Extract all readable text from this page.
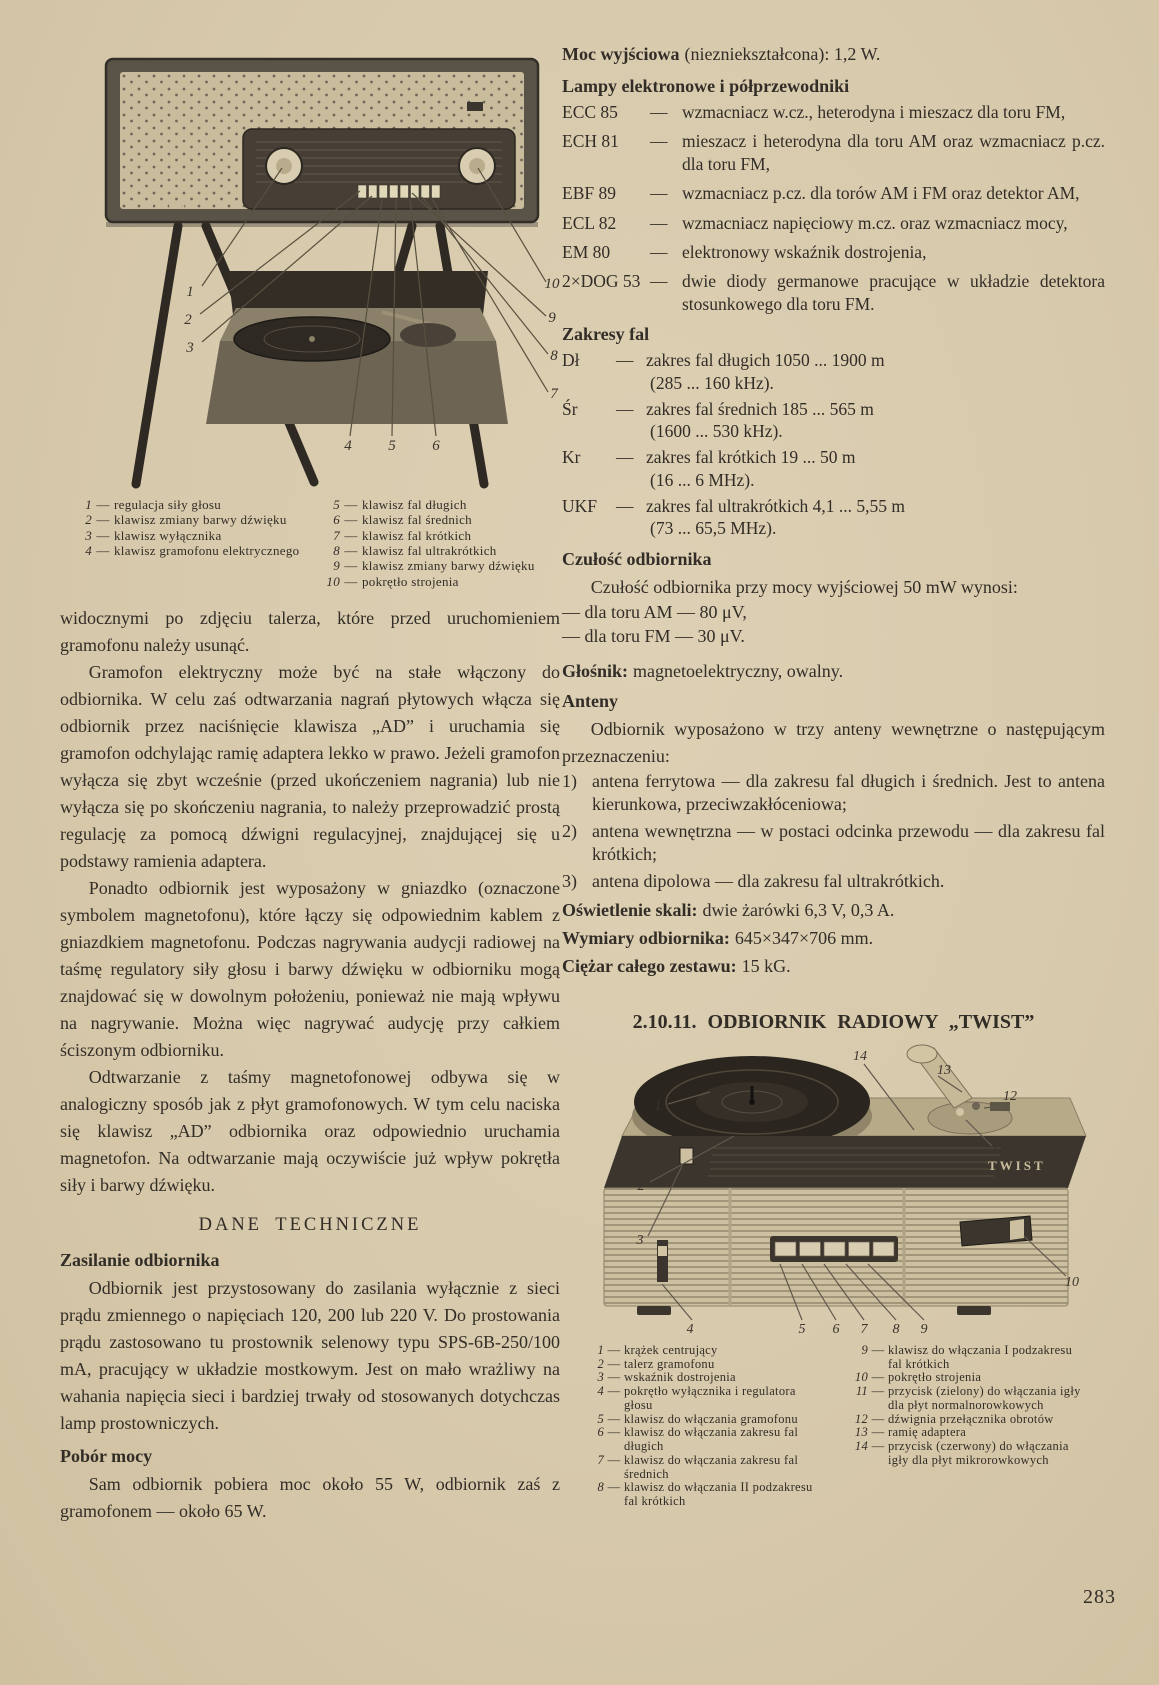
arkona
1
2
3
4 5 6
7
8
9
10
1 — regulacja siły głosu
2 — klawisz zmiany barwy dźwięku
3 — klawisz wyłącznika
4 — klawisz gramofonu elektrycznego
5 — klawisz fal długich
6 — klawisz fal średnich
7 — klawisz fal krótkich
8 — klawisz fal ultrakrótkich
9 — klawisz zmiany barwy dźwięku
10 — pokrętło strojenia

widocznymi po zdjęciu talerza, które przed uruchomieniem gramofonu należy usunąć.

Gramofon elektryczny może być na stałe włączony do odbiornika. W celu zaś odtwarzania nagrań płytowych włącza się odbiornik przez naciśnięcie klawisza „AD” i uruchamia się gramofon odchylając ramię adaptera lekko w prawo. Jeżeli gramofon wyłącza się zbyt wcześnie (przed ukończeniem nagrania) lub nie wyłącza się po skończeniu nagrania, to należy przeprowadzić prostą regulację za pomocą dźwigni regulacyjnej, znajdującej się u podstawy ramienia adaptera.

Ponadto odbiornik jest wyposażony w gniazdko (oznaczone symbolem magnetofonu), które łączy się odpowiednim kablem z gniazdkiem magnetofonu. Podczas nagrywania audycji radiowej na taśmę regulatory siły głosu i barwy dźwięku w odbiorniku mogą znajdować się w dowolnym położeniu, ponieważ nie mają wpływu na nagrywanie. Można więc nagrywać audycję przy całkiem ściszonym odbiorniku.

Odtwarzanie z taśmy magnetofonowej odbywa się w analogiczny sposób jak z płyt gramofonowych. W tym celu naciska się klawisz „AD” odbiornika oraz odpowiednio uruchamia magnetofon. Na odtwarzanie mają oczywiście już wpływ pokrętła siły i barwy dźwięku.

DANE TECHNICZNE
Zasilanie odbiornika

Odbiornik jest przystosowany do zasilania wyłącznie z sieci prądu zmiennego o napięciach 120, 200 lub 220 V. Do prostowania prądu zastosowano tu prostownik selenowy typu SPS-6B-250/100 mA, pracujący w układzie mostkowym. Jest on mało wrażliwy na wahania napięcia sieci i bardziej trwały od stosowanych dotychczas lamp prostowniczych.

Pobór mocy

Sam odbiornik pobiera moc około 55 W, odbiornik zaś z gramofonem — około 65 W.

Moc wyjściowa (niezniekształcona): 1,2 W.

Lampy elektronowe i półprzewodniki
ECC 85 —	wzmacniacz w.cz., heterodyna i mieszacz dla toru FM,
ECH 81 —	mieszacz i heterodyna dla toru AM oraz wzmacniacz p.cz. dla toru FM,
EBF 89 —	wzmacniacz p.cz. dla torów AM i FM oraz detektor AM,
ECL 82 —	wzmacniacz napięciowy m.cz. oraz wzmacniacz mocy,
EM 80 —	elektronowy wskaźnik dostrojenia,
2×DOG 53 —	dwie diody germanowe pracujące w układzie detektora stosunkowego dla toru FM.
Zakresy fal
Dł —	zakres fal długich 1050 ... 1900 m
(285 ... 160 kHz).
Śr —	zakres fal średnich 185 ... 565 m
(1600 ... 530 kHz).
Kr —	zakres fal krótkich 19 ... 50 m
(16 ... 6 MHz).
UKF —	zakres fal ultrakrótkich 4,1 ... 5,55 m
(73 ... 65,5 MHz).
Czułość odbiornika

Czułość odbiornika przy mocy wyjściowej 50 mW wynosi:

— dla toru AM — 80 μV,

— dla toru FM — 30 μV.

Głośnik: magnetoelektryczny, owalny.

Anteny

Odbiornik wyposażono w trzy anteny wewnętrzne o następującym przeznaczeniu:

1) antena ferrytowa — dla zakresu fal długich i średnich. Jest to antena kierunkowa, przeciwzakłóceniowa;
2) antena wewnętrzna — w postaci odcinka przewodu — dla zakresu fal krótkich;
3) antena dipolowa — dla zakresu fal ultrakrótkich.

Oświetlenie skali: dwie żarówki 6,3 V, 0,3 A.

Wymiary odbiornika: 645×347×706 mm.

Ciężar całego zestawu: 15 kG.

2.10.11. ODBIORNIK RADIOWY „TWIST”
TWIST
1
2
3
4	5 6 7 8 9
10
11
12
13
14
1 — krążek centrujący
2 — talerz gramofonu
3 — wskaźnik dostrojenia
4 — pokrętło wyłącznika i regulatora głosu
5 — klawisz do włączania gramofonu
6 — klawisz do włączania zakresu fal długich
7 — klawisz do włączania zakresu fal średnich
8 — klawisz do włączania II podzakresu fal krótkich
9 — klawisz do włączania I podzakresu fal krótkich
10 — pokrętło strojenia
11 — przycisk (zielony) do włączania igły dla płyt normalnorowkowych
12 — dźwignia przełącznika obrotów
13 — ramię adaptera
14 — przycisk (czerwony) do włączania igły dla płyt mikrorowkowych
283
